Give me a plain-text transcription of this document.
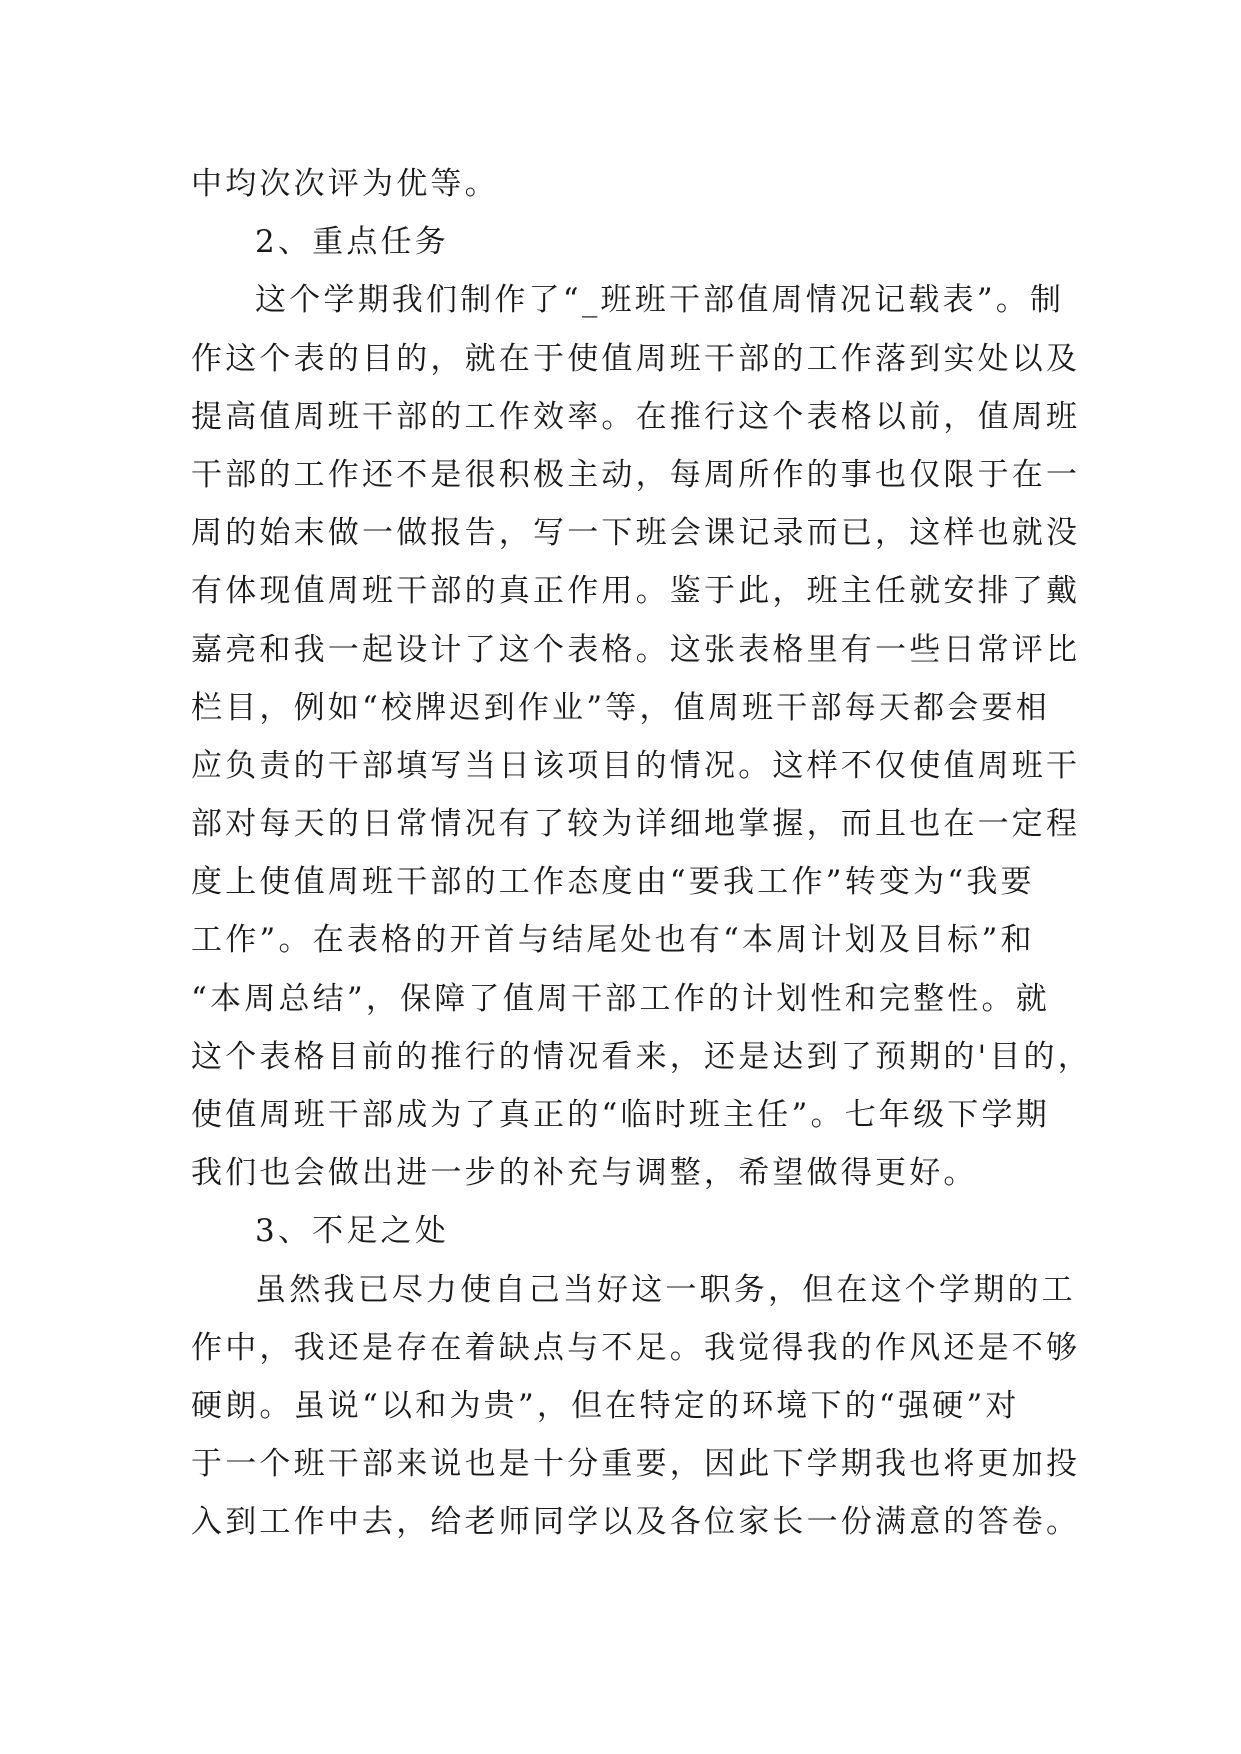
中均次次评为优等。
2、重点任务
这个学期我们制作了“_班班干部值周情况记载表”。制
作这个表的目的，就在于使值周班干部的工作落到实处以及
提高值周班干部的工作效率。在推行这个表格以前，值周班
干部的工作还不是很积极主动，每周所作的事也仅限于在一
周的始末做一做报告，写一下班会课记录而已，这样也就没
有体现值周班干部的真正作用。鉴于此，班主任就安排了戴
嘉亮和我一起设计了这个表格。这张表格里有一些日常评比
栏目，例如“校牌迟到作业”等，值周班干部每天都会要相
应负责的干部填写当日该项目的情况。这样不仅使值周班干
部对每天的日常情况有了较为详细地掌握，而且也在一定程
度上使值周班干部的工作态度由“要我工作”转变为“我要
工作”。在表格的开首与结尾处也有“本周计划及目标”和
“本周总结”，保障了值周干部工作的计划性和完整性。就
这个表格目前的推行的情况看来，还是达到了预期的'目的，
使值周班干部成为了真正的“临时班主任”。七年级下学期
我们也会做出进一步的补充与调整，希望做得更好。
3、不足之处
虽然我已尽力使自己当好这一职务，但在这个学期的工
作中，我还是存在着缺点与不足。我觉得我的作风还是不够
硬朗。虽说“以和为贵”，但在特定的环境下的“强硬”对
于一个班干部来说也是十分重要，因此下学期我也将更加投
入到工作中去，给老师同学以及各位家长一份满意的答卷。
